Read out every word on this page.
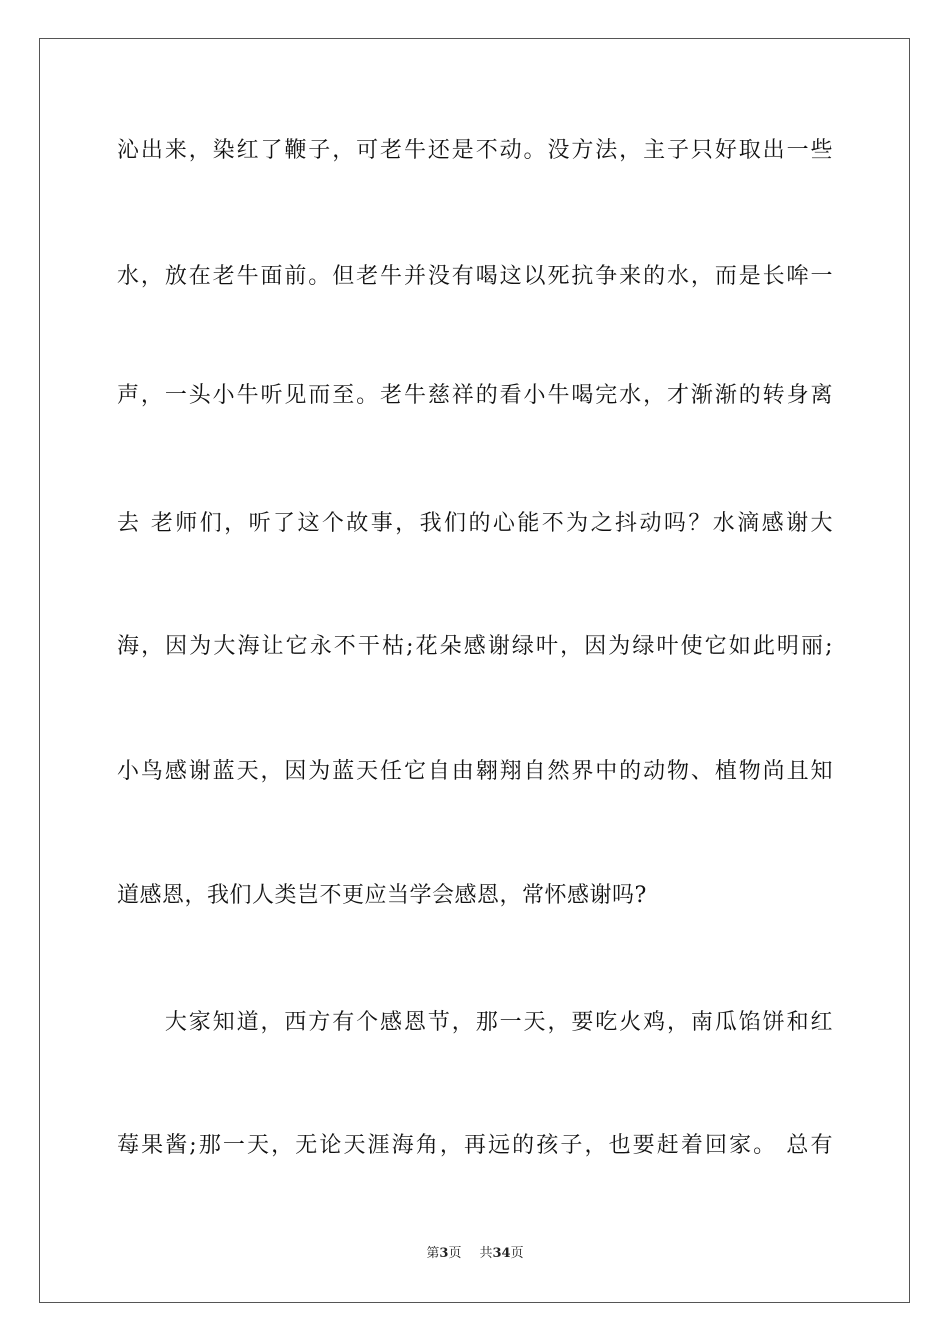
沁出来，染红了鞭子，可老牛还是不动。没方法，主子只好取出一些
水，放在老牛面前。但老牛并没有喝这以死抗争来的水，而是长哞一
声，一头小牛听见而至。老牛慈祥的看小牛喝完水，才渐渐的转身离
去 老师们，听了这个故事，我们的心能不为之抖动吗？水滴感谢大
海，因为大海让它永不干枯;花朵感谢绿叶，因为绿叶使它如此明丽;
小鸟感谢蓝天，因为蓝天任它自由翱翔自然界中的动物、植物尚且知
道感恩，我们人类岂不更应当学会感恩，常怀感谢吗?
　　大家知道，西方有个感恩节，那一天，要吃火鸡，南瓜馅饼和红
莓果酱;那一天，无论天涯海角，再远的孩子，也要赶着回家。 总有
第3页 共34页
